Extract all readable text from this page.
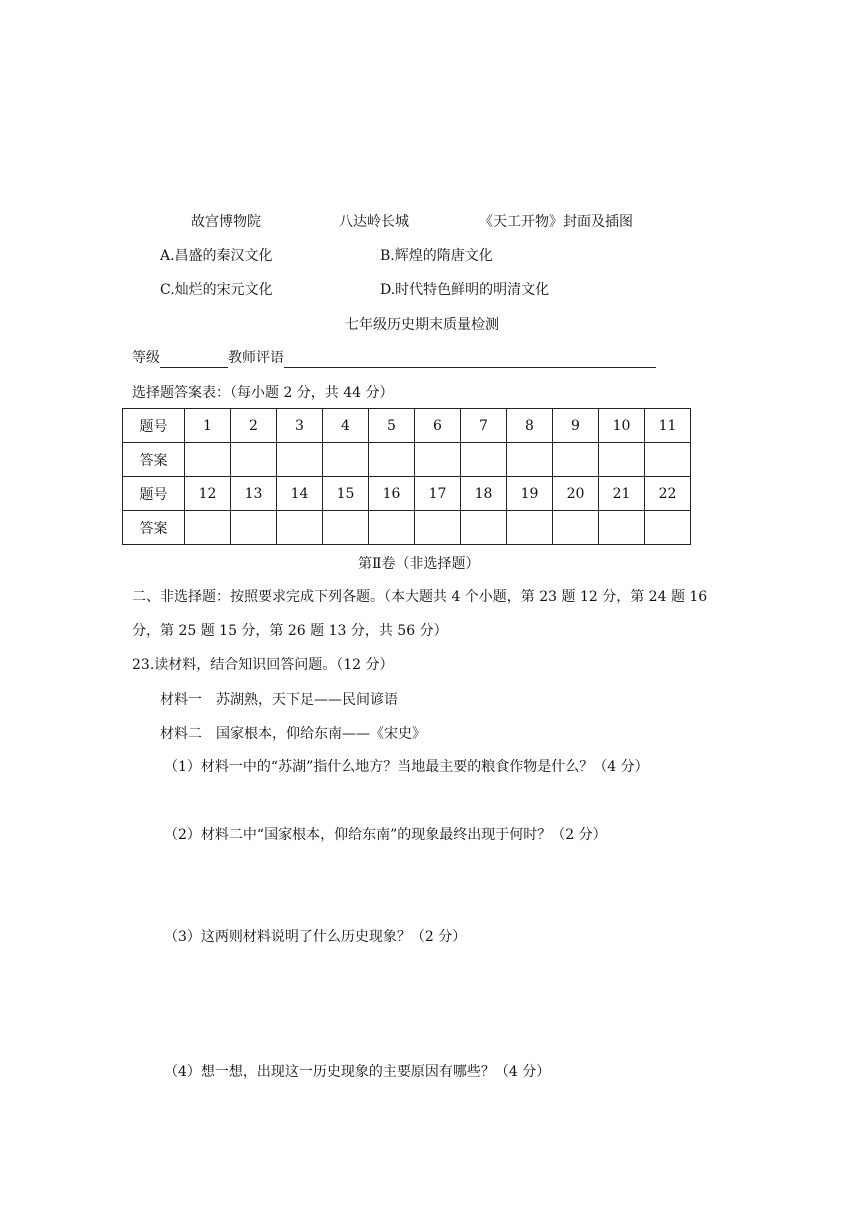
故宫博物院	八达岭长城	《天工开物》封面及插图
A.昌盛的秦汉文化	B.辉煌的隋唐文化
C.灿烂的宋元文化	D.时代特色鲜明的明清文化
七年级历史期末质量检测
等级	教师评语
选择题答案表：（每小题 2 分，共 44 分）
题号	1	2	3	4	5	6	7	8	9	10	11
答案											
题号	12	13	14	15	16	17	18	19	20	21	22
答案											
第Ⅱ卷（非选择题）
二、非选择题：按照要求完成下列各题。（本大题共 4 个小题，第 23 题 12 分，第 24 题 16
分，第 25 题 15 分，第 26 题 13 分，共 56 分）
23.读材料，结合知识回答问题。（12 分）
材料一　苏湖熟，天下足——民间谚语
材料二　国家根本，仰给东南——《宋史》
（1）材料一中的“苏湖”指什么地方？当地最主要的粮食作物是什么？（4 分）
（2）材料二中“国家根本，仰给东南”的现象最终出现于何时？（2 分）
（3）这两则材料说明了什么历史现象？（2 分）
（4）想一想，出现这一历史现象的主要原因有哪些？（4 分）
